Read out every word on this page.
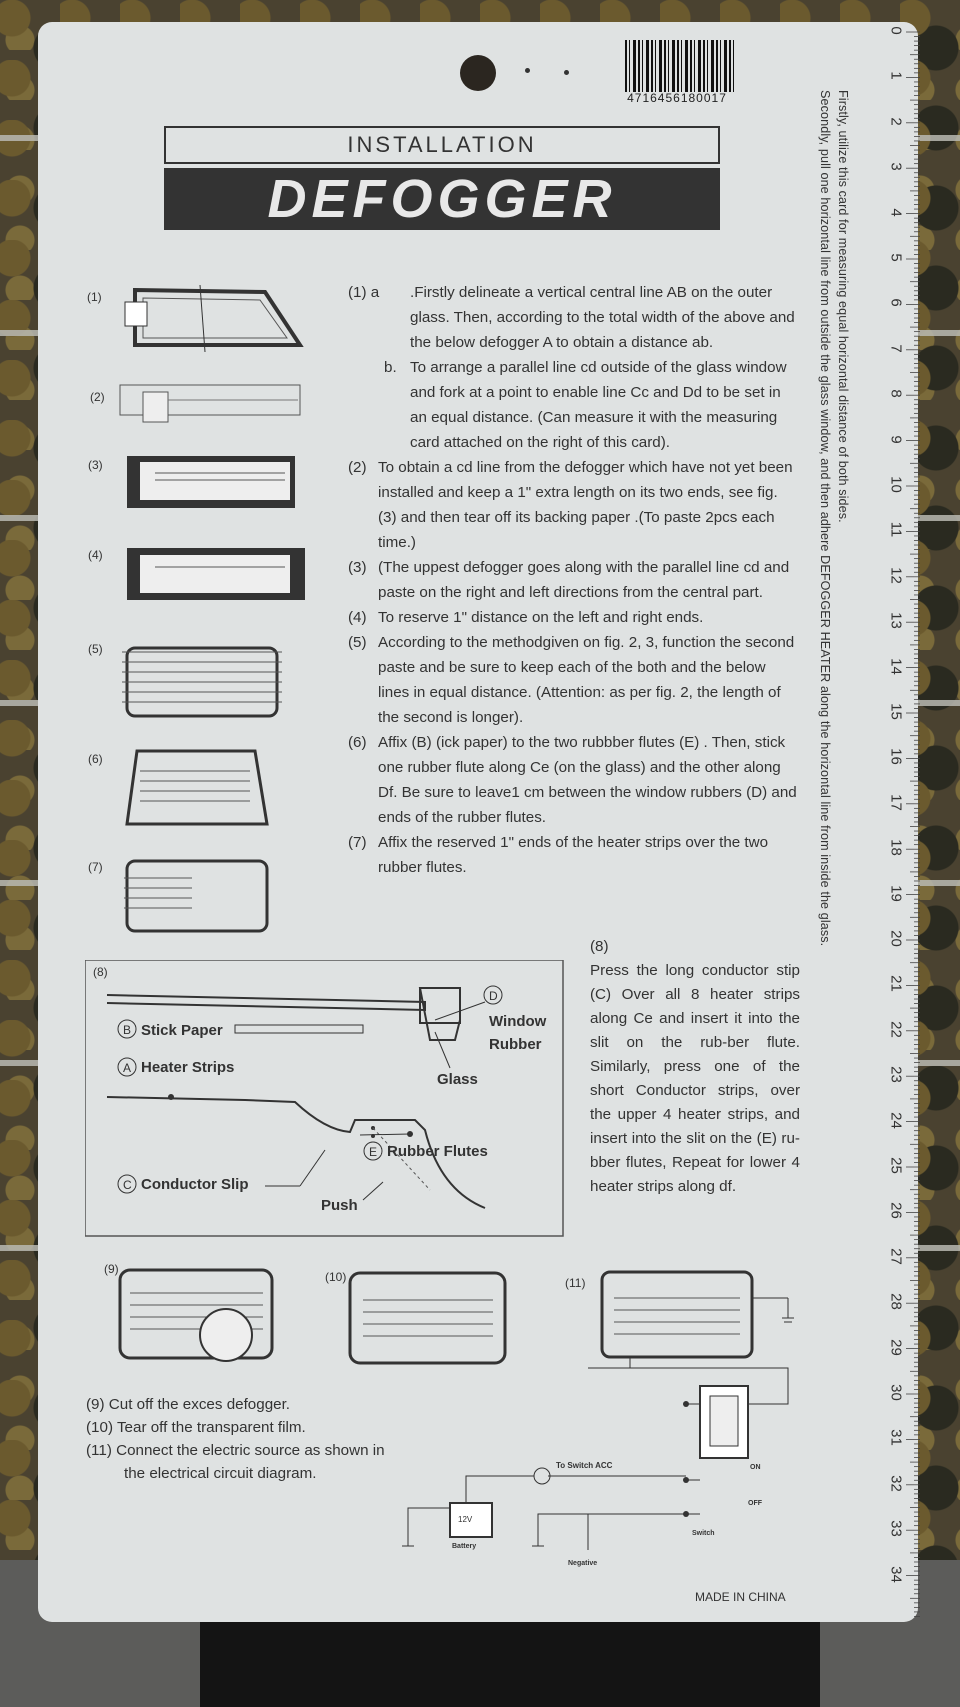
4716456180017
0
1
2
3
4
5
6
7
8
9
10
11
12
13
14
15
16
17
18
19
20
21
22
23
24
25
26
27
28
29
30
31
32
33
34
Firstly, utilize this card for measuring equal horizontal distance of both sides.
Secondly, pull one horizontal line from outside the glass window, and then adhere DEFOGGER HEATER along the horizontal line from inside the glass.
INSTALLATION
DEFOGGER
(1)
(2)
(3)
(4)
(5)
(6)
(7)
(9)
(10)	(11)
(1) a	.Firstly delineate a vertical central line AB on the outer glass. Then, according to the total width of the above and the below defogger A to obtain a distance ab.
b. To arrange a parallel line cd outside of the glass window and fork at a point to enable line Cc and Dd to be set in an equal distance. (Can measure it with the measuring card attached on the right of this card).
(2) To obtain a cd line from the defogger which have not yet been installed and keep a 1" extra length on its two ends, see fig. (3) and then tear off its backing paper .(To paste 2pcs each time.)
(3) (The uppest defogger goes along with the parallel line cd and paste on the right and left directions from the central part.
(4) To reserve 1" distance on the left and right ends.
(5) According to the methodgiven on fig. 2, 3, function the second paste and be sure to keep each of the both and the below lines in equal distance. (Attention: as per fig. 2, the length of the second is longer).
(6) Affix (B) (ick paper) to the two rubbber flutes (E) . Then, stick one rubber flute along Ce (on the glass) and the other along Df. Be sure to leave1 cm between the window rubbers (D) and ends of the rubber flutes.
(7) Affix the reserved 1" ends of the heater strips over the two rubber flutes.
(8)
Press the long conductor stip (C) Over all 8 heater strips along Ce and insert it into the slit on the rub-ber flute. Similarly, press one of the short Conductor strips, over the upper 4 heater strips, and insert into the slit on the (E) ru-bber flutes, Repeat for lower 4 heater strips along df.
(8)
D
Window
Rubber
B Stick Paper
Glass
A Heater Strips
E Rubber Flutes
C Conductor Slip
Push
ON
OFF
To Switch ACC
12V
Battery
Switch
Negative
(9) Cut off the exces defogger.
(10) Tear off the transparent film.
(11) Connect the electric source as shown in the electrical circuit diagram.
MADE IN CHINA
